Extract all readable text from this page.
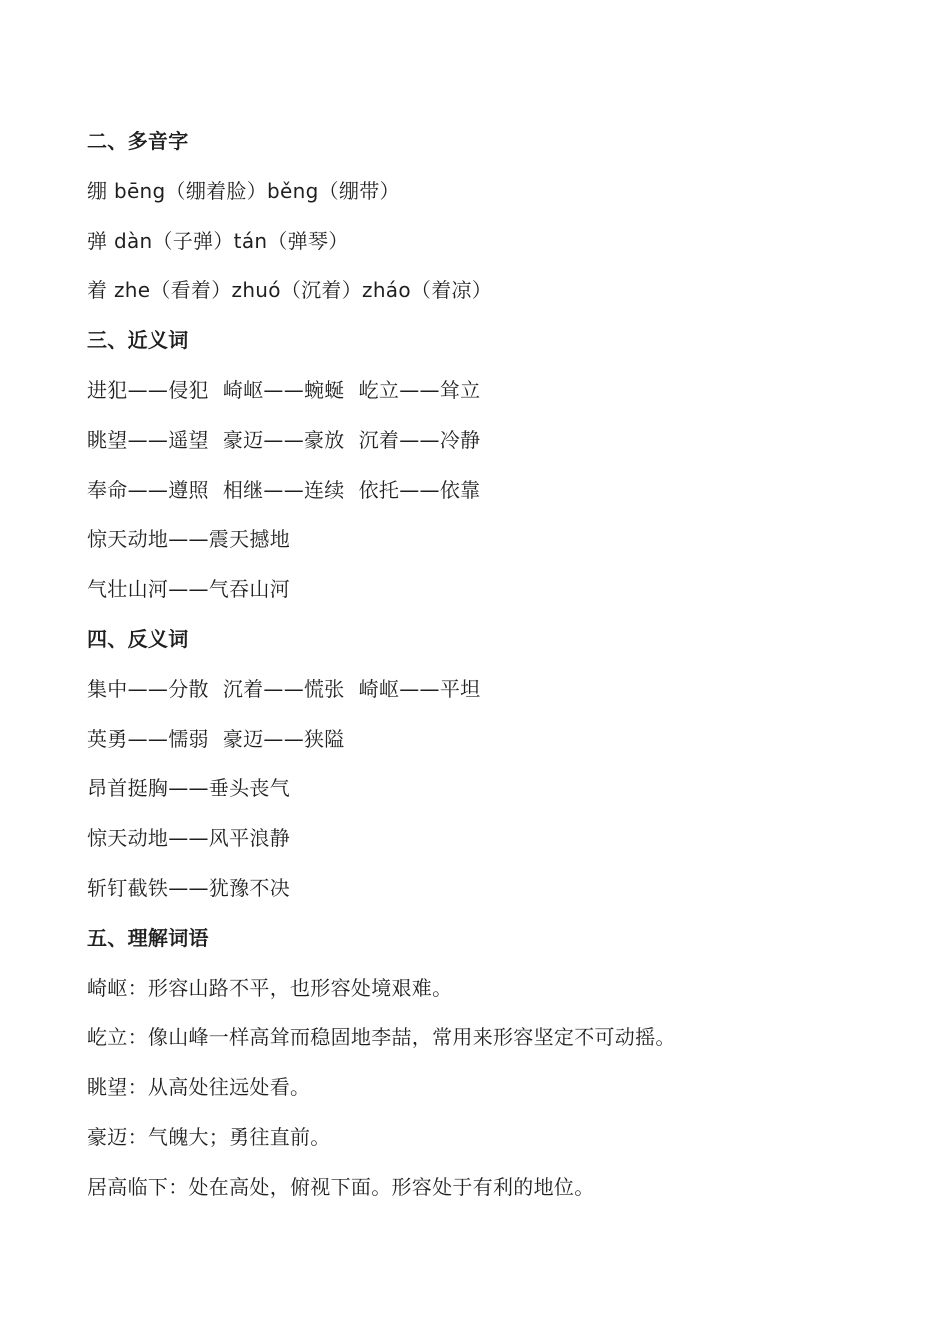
二、多音字
绷 bēng（绷着脸）běng（绷带）
弹 dàn（子弹）tán（弹琴）
着 zhe（看着）zhuó（沉着）zháo（着凉）
三、近义词
进犯——侵犯 崎岖——蜿蜒 屹立——耸立
眺望——遥望 豪迈——豪放 沉着——冷静
奉命——遵照 相继——连续 依托——依靠
惊天动地——震天撼地
气壮山河——气吞山河
四、反义词
集中——分散 沉着——慌张 崎岖——平坦
英勇——懦弱 豪迈——狭隘
昂首挺胸——垂头丧气
惊天动地——风平浪静
斩钉截铁——犹豫不决
五、理解词语
崎岖：形容山路不平，也形容处境艰难。
屹立：像山峰一样高耸而稳固地李喆，常用来形容坚定不可动摇。
眺望：从高处往远处看。
豪迈：气魄大；勇往直前。
居高临下：处在高处，俯视下面。形容处于有利的地位。
